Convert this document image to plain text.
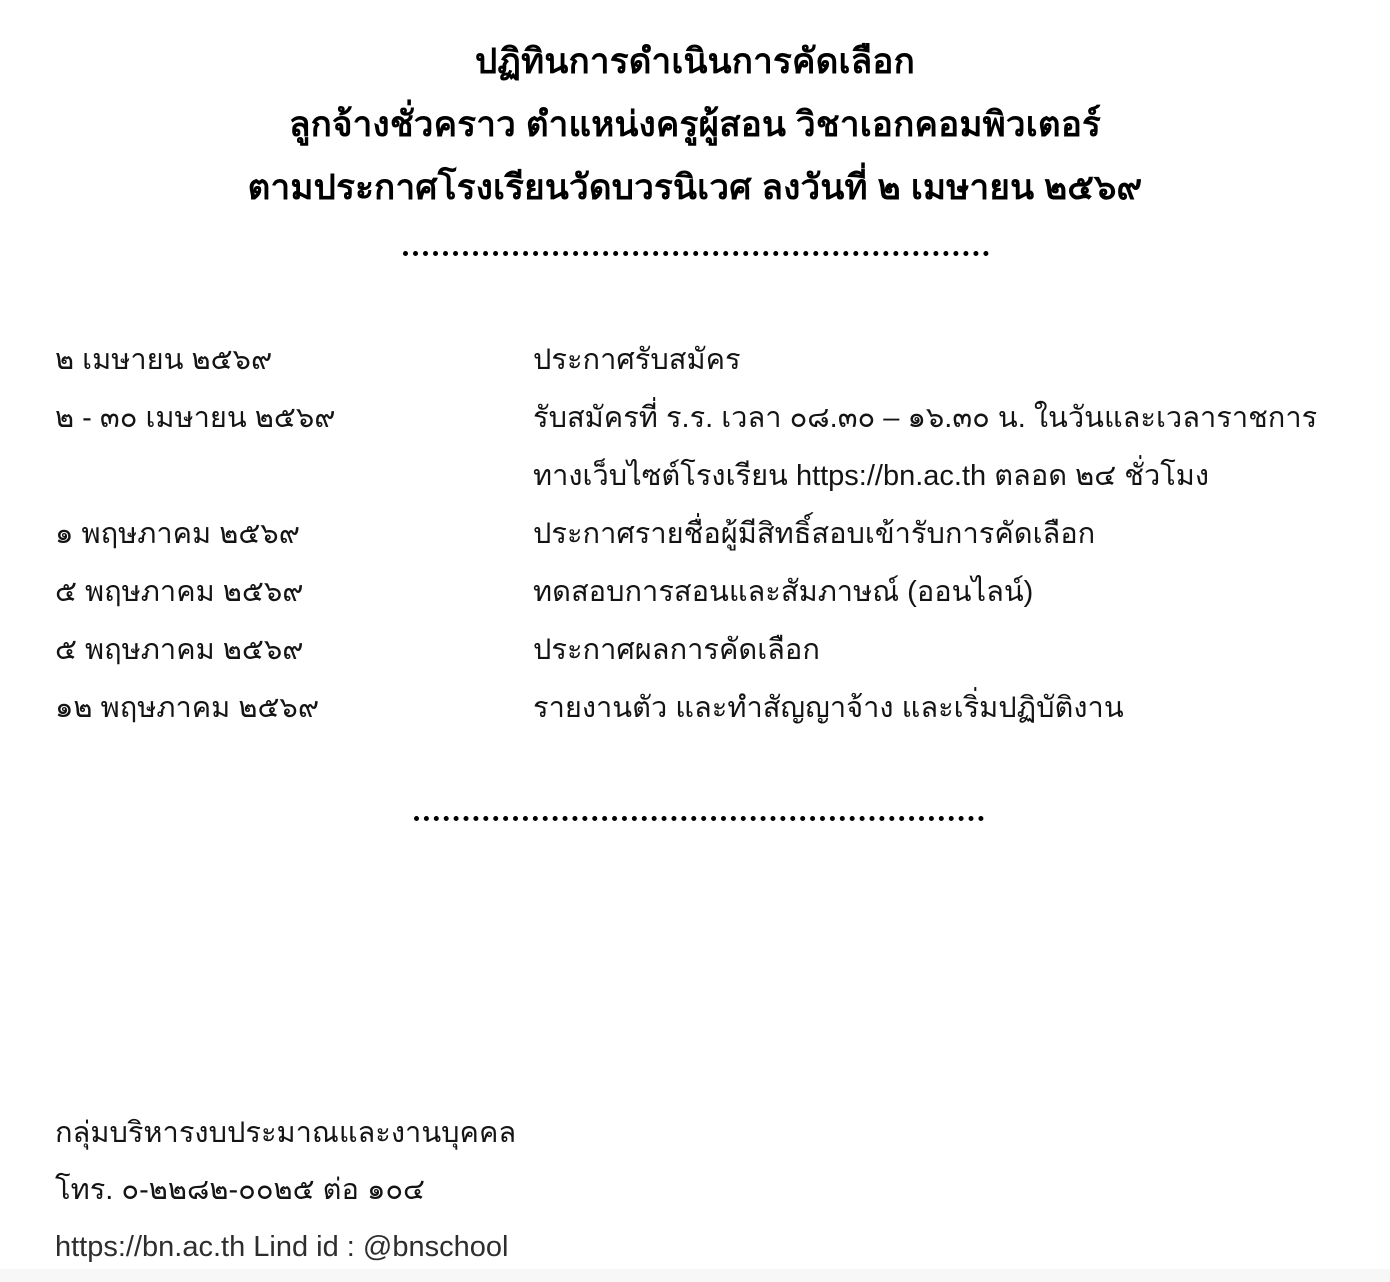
ปฏิทินการดำเนินการคัดเลือก
ลูกจ้างชั่วคราว ตำแหน่งครูผู้สอน วิชาเอกคอมพิวเตอร์
ตามประกาศโรงเรียนวัดบวรนิเวศ ลงวันที่ ๒ เมษายน ๒๕๖๙
๒ เมษายน ๒๕๖๙	ประกาศรับสมัคร
๒ - ๓๐ เมษายน ๒๕๖๙	รับสมัครที่ ร.ร. เวลา ๐๘.๓๐ – ๑๖.๓๐ น. ในวันและเวลาราชการ
ทางเว็บไซต์โรงเรียน https://bn.ac.th ตลอด ๒๔ ชั่วโมง
๑ พฤษภาคม ๒๕๖๙	ประกาศรายชื่อผู้มีสิทธิ์สอบเข้ารับการคัดเลือก
๕ พฤษภาคม ๒๕๖๙	ทดสอบการสอนและสัมภาษณ์ (ออนไลน์)
๕ พฤษภาคม ๒๕๖๙	ประกาศผลการคัดเลือก
๑๒ พฤษภาคม ๒๕๖๙	รายงานตัว และทำสัญญาจ้าง และเริ่มปฏิบัติงาน
กลุ่มบริหารงบประมาณและงานบุคคล
โทร. ๐-๒๒๘๒-๐๐๒๕ ต่อ ๑๐๔
https://bn.ac.th Lind id : @bnschool
